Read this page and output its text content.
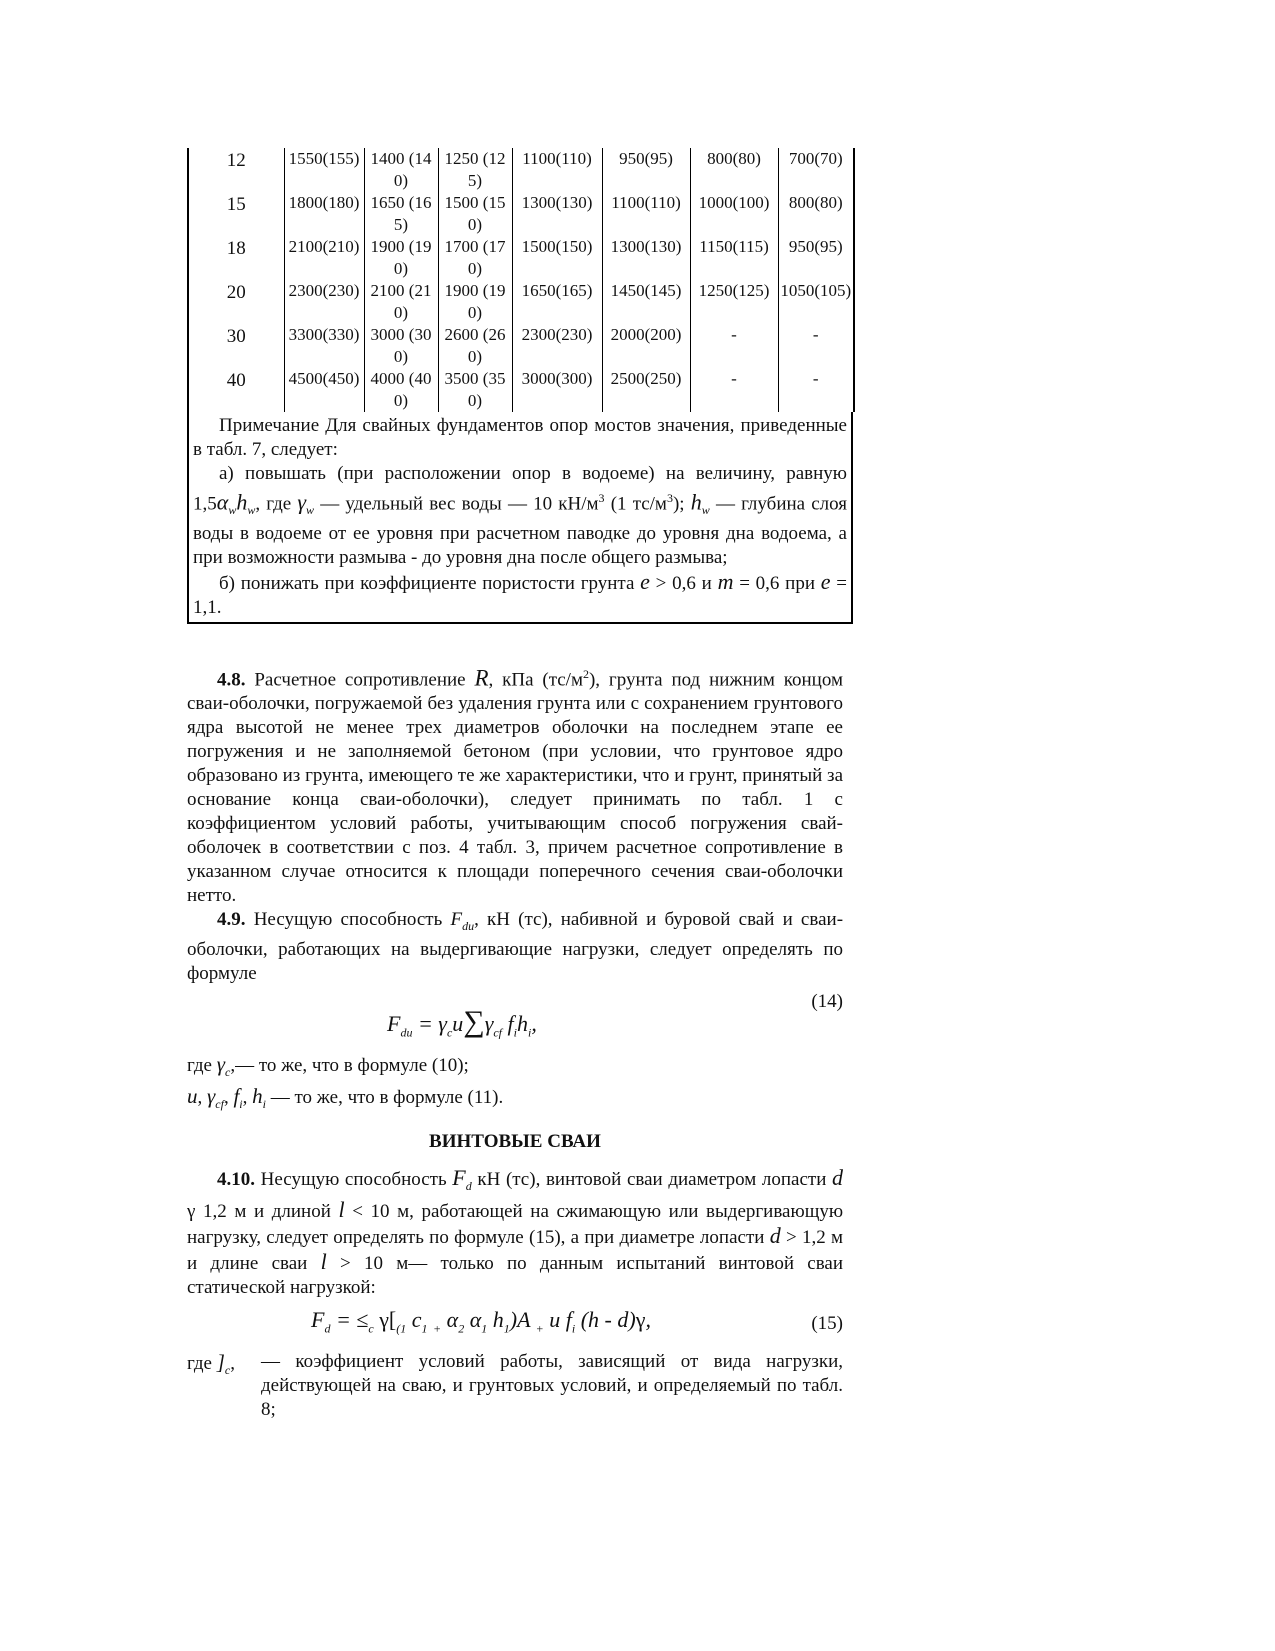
12	1550(155)	1400 (140)	1250 (125)	1100(110)	950(95)	800(80)	700(70)
15	1800(180)	1650 (165)	1500 (150)	1300(130)	1100(110)	1000(100)	800(80)
18	2100(210)	1900 (190)	1700 (170)	1500(150)	1300(130)	1150(115)	950(95)
20	2300(230)	2100 (210)	1900 (190)	1650(165)	1450(145)	1250(125)	1050(105)
30	3300(330)	3000 (300)	2600 (260)	2300(230)	2000(200)	-	-
40	4500(450)	4000 (400)	3500 (350)	3000(300)	2500(250)	-	-

Примечание Для свайных фундаментов опор мостов значения, приведенные в табл. 7, следует:

а) повышать (при расположении опор в водоеме) на величину, равную $1,5\alpha_wh_w$, где $\gamma_w$ — удельный вес воды — 10 $кН/м^3$ (1 $тс/м^3$); $h_w$ — глубина слоя воды в водоеме от ее уровня при расчетном паводке до уровня дна водоема, а при возможности размыва - до уровня дна после общего размыва;

б) понижать при коэффициенте пористости грунта e > 0,6 и m = 0,6 при e = 1,1.

4.8. Расчетное сопротивление R, кПа $(тс/м^2)$, грунта под нижним концом сваи-оболочки, погружаемой без удаления грунта или с сохранением грунтового ядра высотой не менее трех диаметров оболочки на последнем этапе ее погружения и не заполняемой бетоном (при условии, что грунтовое ядро образовано из грунта, имеющего те же характеристики, что и грунт, принятый за основание конца сваи-оболочки), следует принимать по табл. 1 с коэффициентом условий работы, учитывающим способ погружения свай-оболочек в соответствии с поз. 4 табл. 3, причем расчетное сопротивление в указанном случае относится к площади поперечного сечения сваи-оболочки нетто.

4.9. Несущую способность $F_{du}$, кН (тс), набивной и буровой свай и сваи-оболочки, работающих на выдергивающие нагрузки, следует определять по формуле

$F_{du} = \gamma_cu\sum\gamma_{cf}$ $f_ih_i$,
(14)

где $\gamma_c,—$ то же, что в формуле (10);

u, $\gamma_{cf}$, $f_i$, $h_i$ — то же, что в формуле (11).

ВИНТОВЫЕ СВАИ

4.10. Несущую способность $F_d$ кН (тс), винтовой сваи диаметром лопасти d γ 1,2 м и длиной l < 10 м, работающей на сжимающую или выдергивающую нагрузку, следует определять по формуле (15), а при диаметре лопасти d > 1,2 м и длине сваи l > 10 м— только по данным испытаний винтовой сваи статической нагрузкой:

$F_d = \le_c$ $\gamma[_{(1}$ $c_1$ $_+$ $\alpha_2$ $\alpha_1$ $h_1)A$ $_+$ u $f_i$ (h - d)γ,	(15)
где ]$_c$,	— коэффициент условий работы, зависящий от вида нагрузки, действующей на сваю, и грунтовых условий, и определяемый по табл. 8;
